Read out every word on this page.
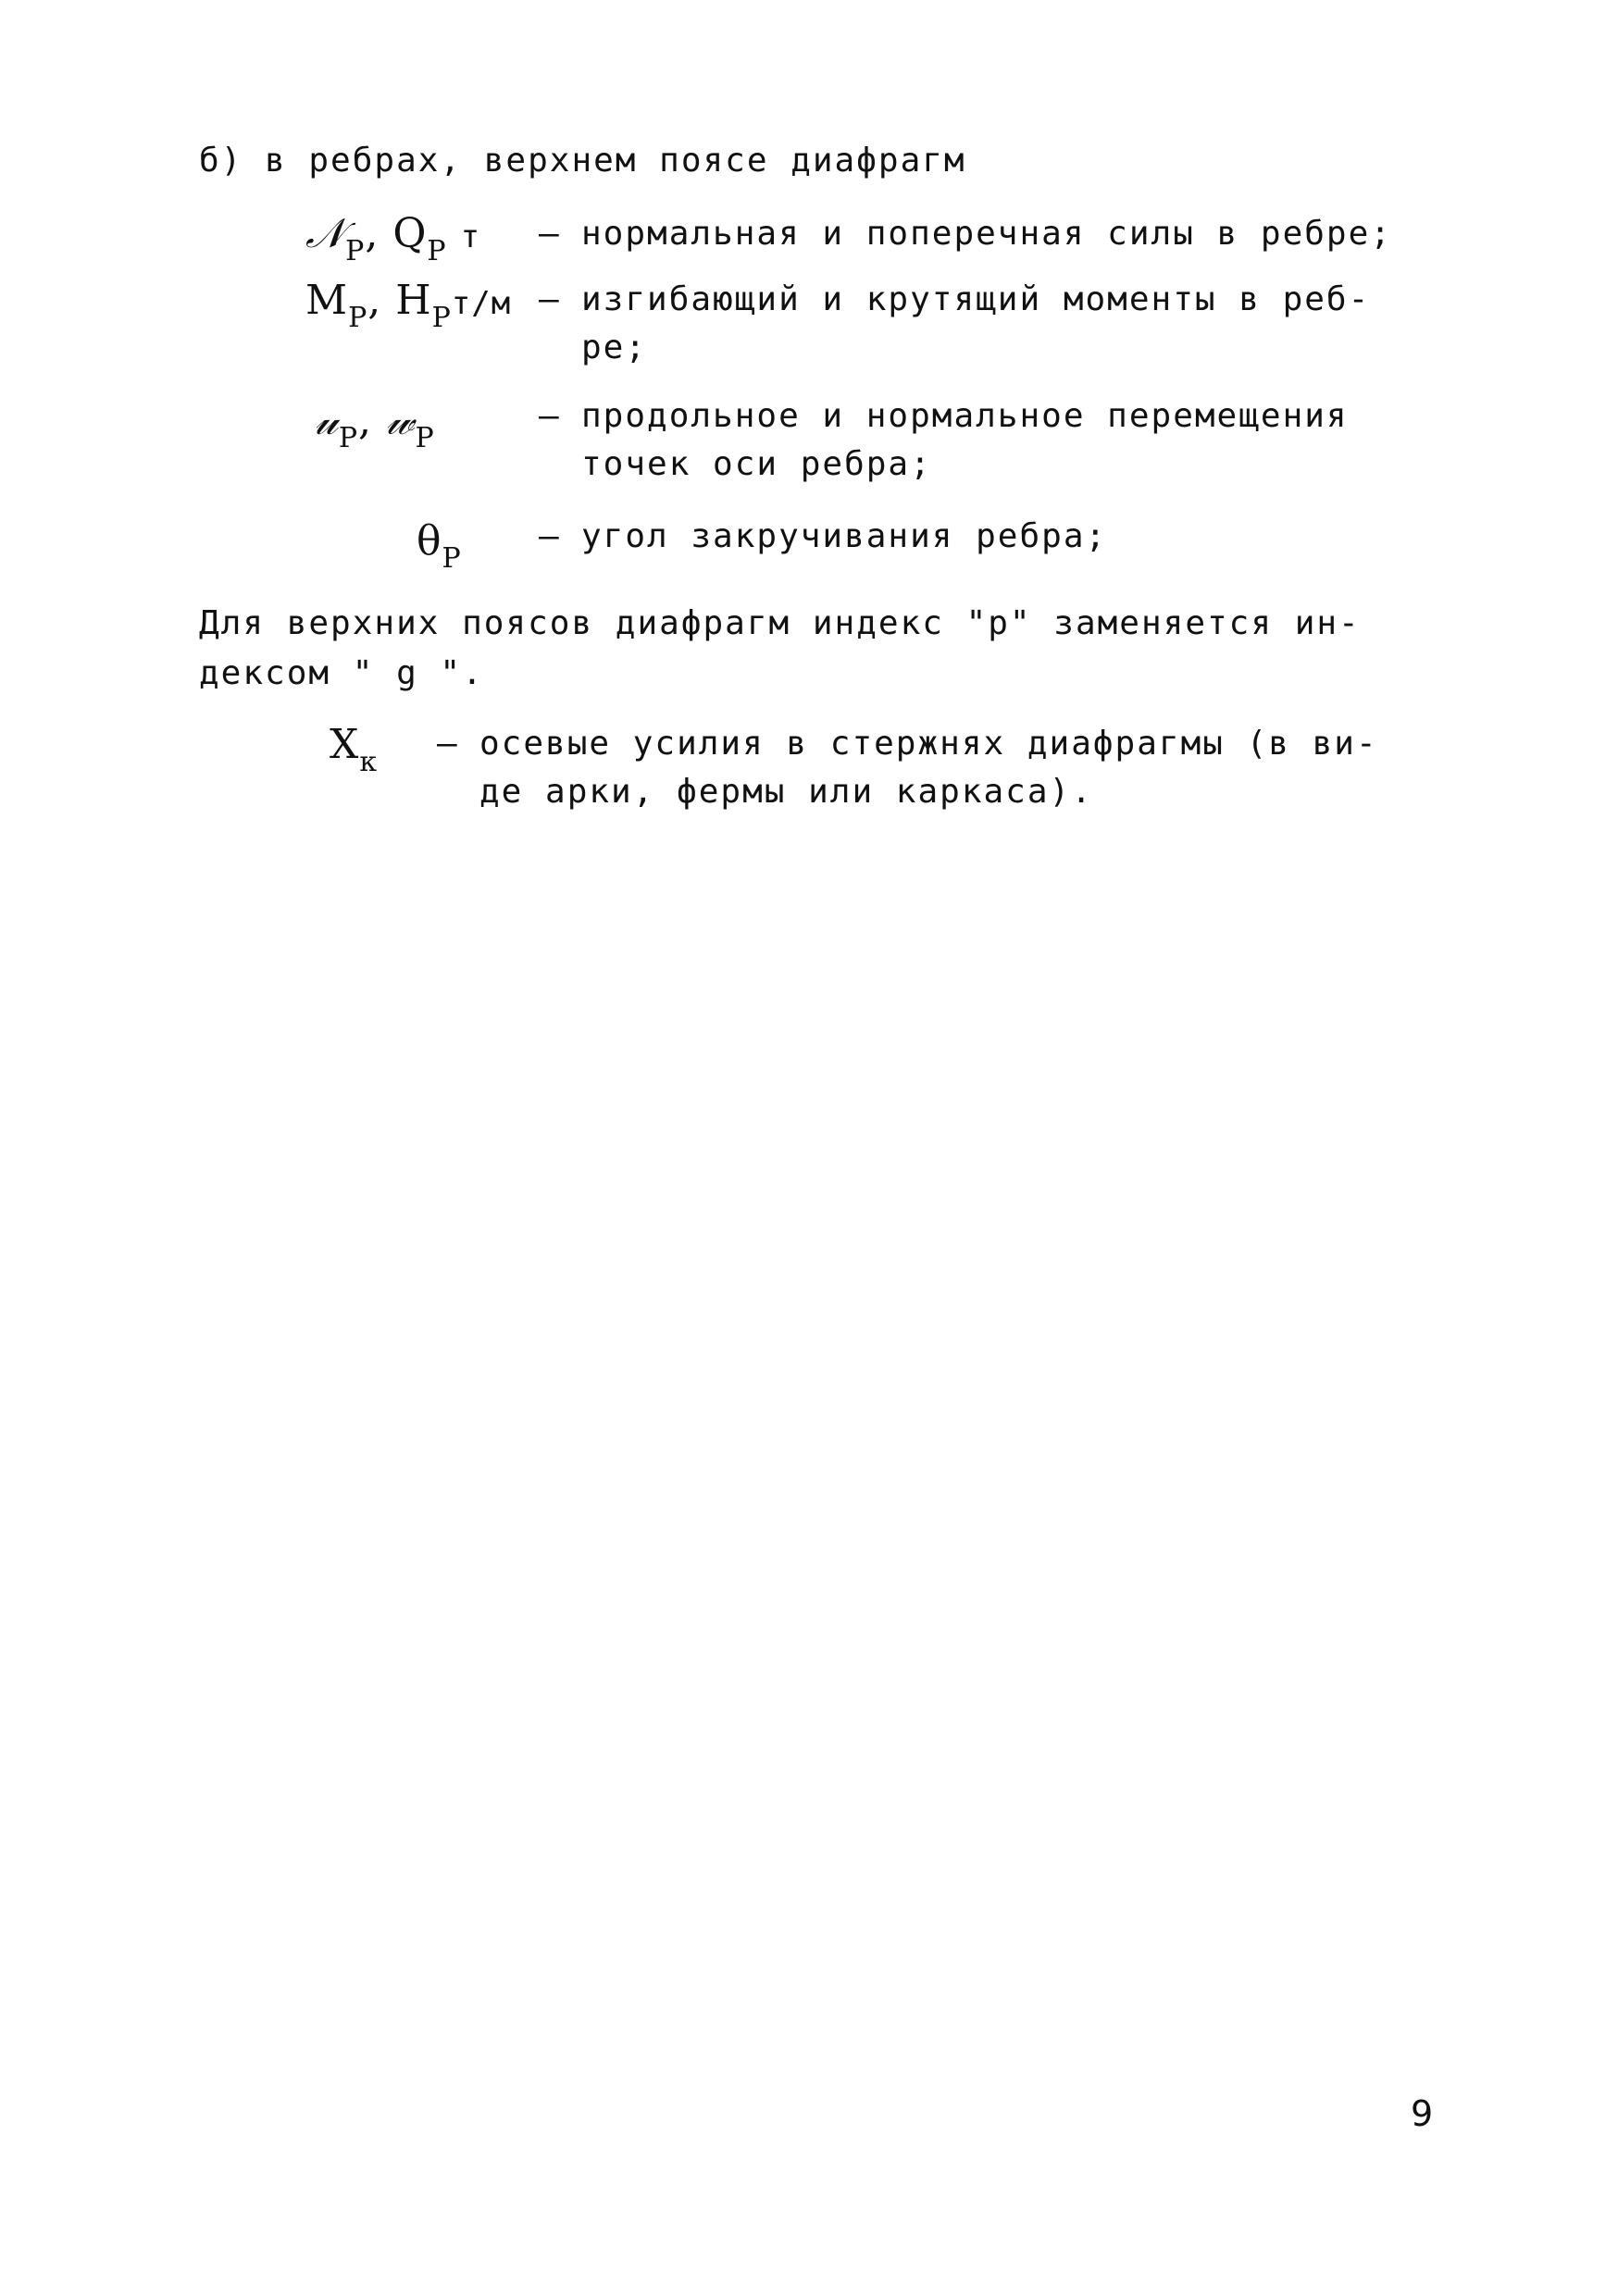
б) в ребрах, верхнем поясе диафрагм
𝒩$_P$, $Q_P$ т – нормальная и поперечная силы в ребре;
$M_P$, $H_Pт/м$ – изгибающий и крутящий моменты в реб-
ре;
𝓊$_P$, 𝓌$_P$
– продольное и нормальное перемещения
точек оси ребра;
$\theta_P$
– угол закручивания ребра;
Для верхних поясов диафрагм индекс "р" заменяется ин-
дексом " g ".
$X_к$ – осевые усилия в стержнях диафрагмы (в ви-
де арки, фермы или каркаса).
9
